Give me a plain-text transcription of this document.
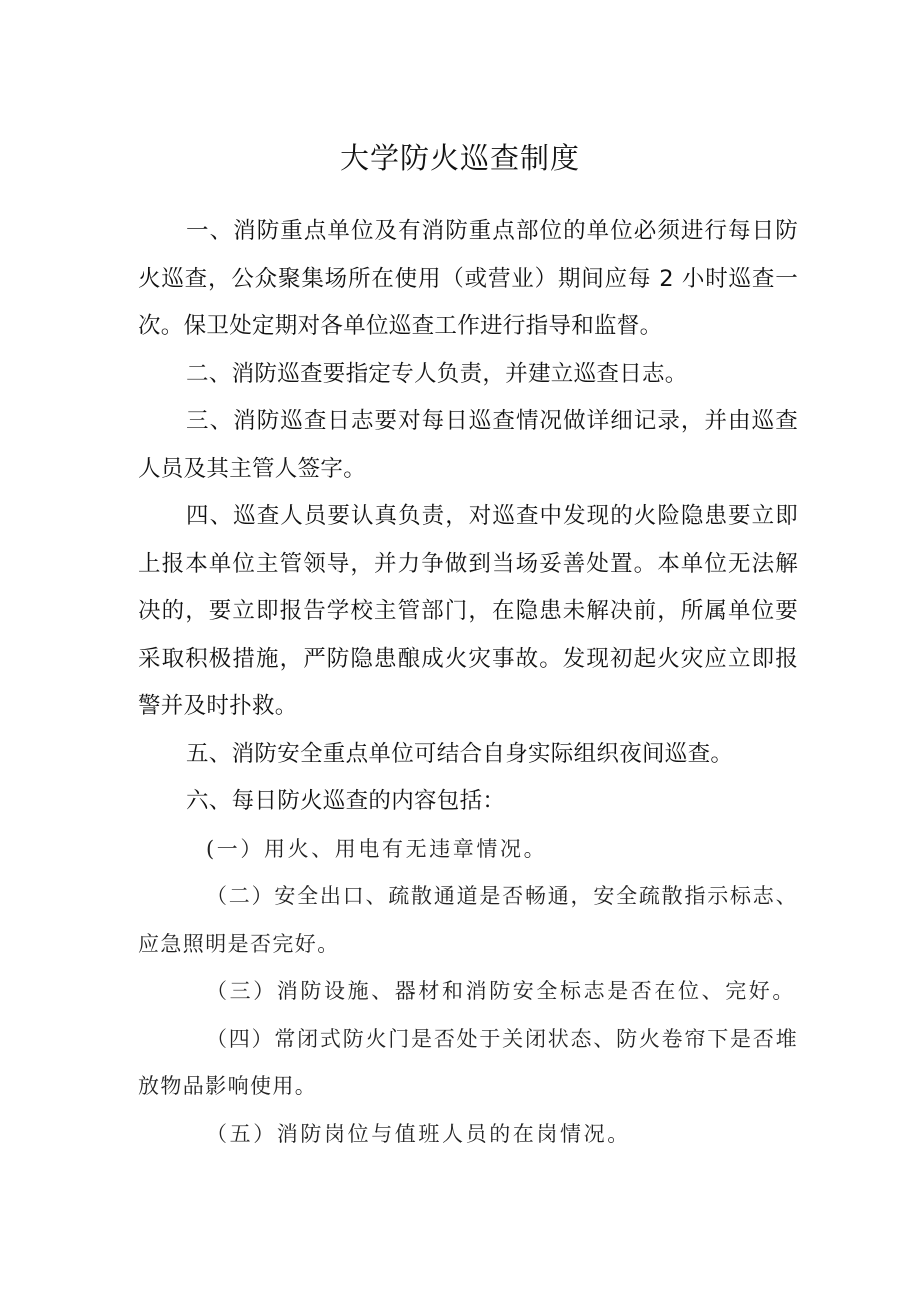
大学防火巡查制度

一、消防重点单位及有消防重点部位的单位必须进行每日防火巡查，公众聚集场所在使用（或营业）期间应每 2 小时巡查一次。保卫处定期对各单位巡查工作进行指导和监督。

二、消防巡查要指定专人负责，并建立巡查日志。

三、消防巡查日志要对每日巡查情况做详细记录，并由巡查人员及其主管人签字。

四、巡查人员要认真负责，对巡查中发现的火险隐患要立即上报本单位主管领导，并力争做到当场妥善处置。本单位无法解决的，要立即报告学校主管部门，在隐患未解决前，所属单位要采取积极措施，严防隐患酿成火灾事故。发现初起火灾应立即报警并及时扑救。

五、消防安全重点单位可结合自身实际组织夜间巡查。

六、每日防火巡查的内容包括：

(一）用火、用电有无违章情况。

（二）安全出口、疏散通道是否畅通，安全疏散指示标志、应急照明是否完好。

（三）消防设施、器材和消防安全标志是否在位、完好。

（四）常闭式防火门是否处于关闭状态、防火卷帘下是否堆放物品影响使用。

（五）消防岗位与值班人员的在岗情况。
